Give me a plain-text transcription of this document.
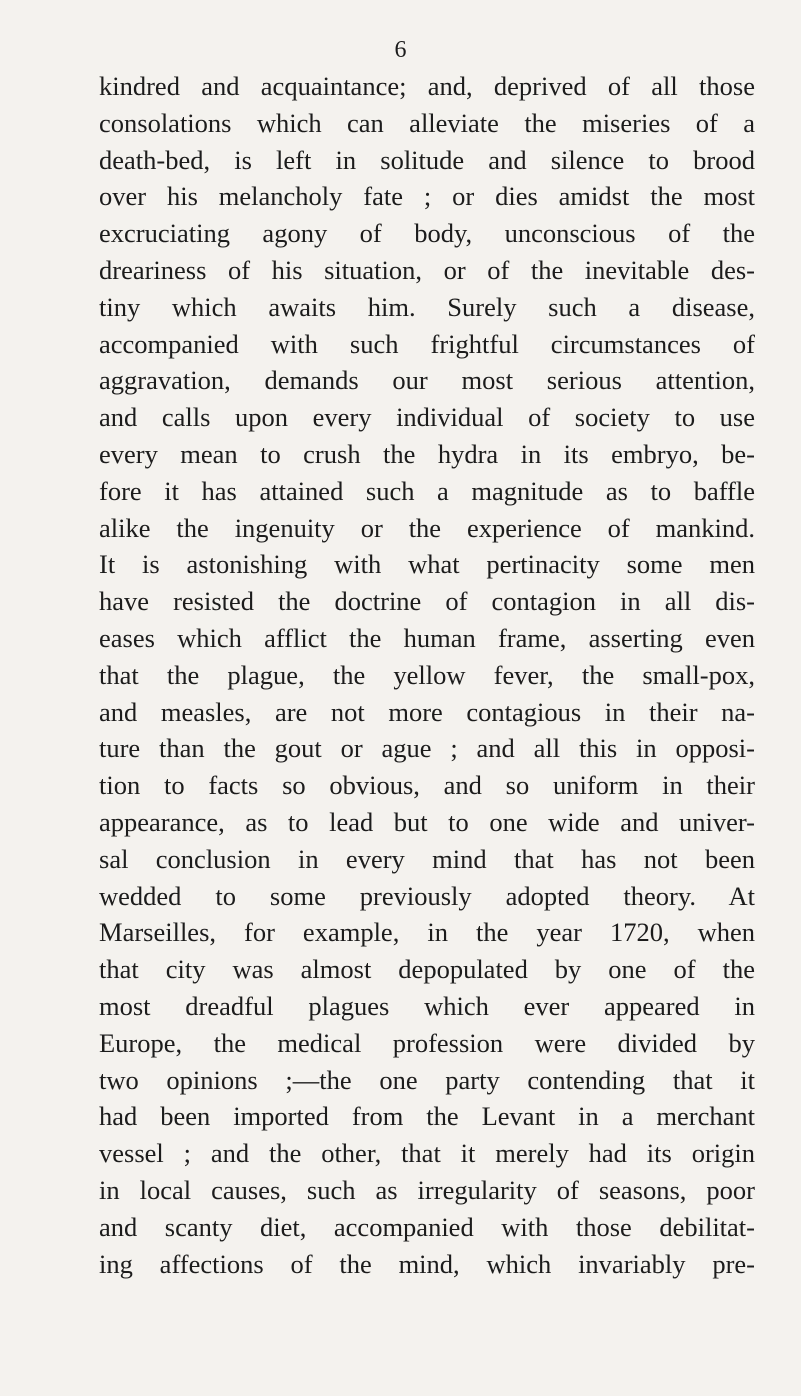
6
kindred and acquaintance; and, deprived of all those
consolations which can alleviate the miseries of a
death-bed, is left in solitude and silence to brood
over his melancholy fate ; or dies amidst the most
excruciating agony of body, unconscious of the
dreariness of his situation, or of the inevitable des-
tiny which awaits him. Surely such a disease,
accompanied with such frightful circumstances of
aggravation, demands our most serious attention,
and calls upon every individual of society to use
every mean to crush the hydra in its embryo, be-
fore it has attained such a magnitude as to baffle
alike the ingenuity or the experience of mankind.
It is astonishing with what pertinacity some men
have resisted the doctrine of contagion in all dis-
eases which afflict the human frame, asserting even
that the plague, the yellow fever, the small-pox,
and measles, are not more contagious in their na-
ture than the gout or ague ; and all this in opposi-
tion to facts so obvious, and so uniform in their
appearance, as to lead but to one wide and univer-
sal conclusion in every mind that has not been
wedded to some previously adopted theory. At
Marseilles, for example, in the year 1720, when
that city was almost depopulated by one of the
most dreadful plagues which ever appeared in
Europe, the medical profession were divided by
two opinions ;—the one party contending that it
had been imported from the Levant in a merchant
vessel ; and the other, that it merely had its origin
in local causes, such as irregularity of seasons, poor
and scanty diet, accompanied with those debilitat-
ing affections of the mind, which invariably pre-
